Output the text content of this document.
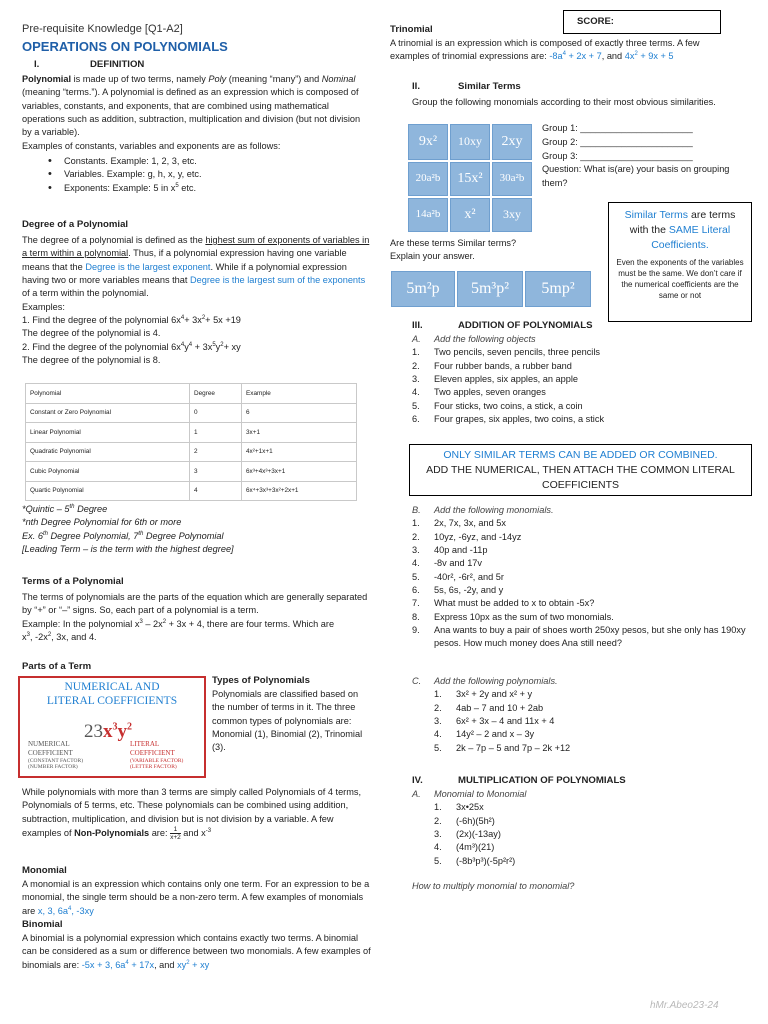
Pre-requisite Knowledge [Q1-A2]
OPERATIONS ON POLYNOMIALS
I.	DEFINITION

Polynomial is made up of two terms, namely Poly (meaning “many”) and Nominal (meaning “terms.”). A polynomial is defined as an expression which is composed of variables, constants, and exponents, that are combined using mathematical operations such as addition, subtraction, multiplication and division (but not division by a variable).

Examples of constants, variables and exponents are as follows:

• Constants. Example: 1, 2, 3, etc.
• Variables. Example: g, h, x, y, etc.
• Exponents: Example: 5 in $x^5$ etc.
Degree of a Polynomial

The degree of a polynomial is defined as the highest sum of exponents of variables in a term within a polynomial. Thus, if a polynomial expression having one variable means that the Degree is the largest exponent. While if a polynomial expression having two or more variables means that Degree is the largest sum of the exponents of a term within the polynomial.

Examples:

1. Find the degree of the polynomial $6x^4+ 3x^2+ 5x +19$

The degree of the polynomial is 4.

2. Find the degree of the polynomial $6x^4y^4 + 3x^5y^2+$ xy

The degree of the polynomial is 8.

Polynomial	Degree	Example
Constant or Zero Polynomial	0	6
Linear Polynomial	1	3x+1
Quadratic Polynomial	2	4x²+1x+1
Cubic Polynomial	3	6x³+4x³+3x+1
Quartic Polynomial	4	6x⁴+3x³+3x²+2x+1

*Quintic – 5th Degree

*nth Degree Polynomial for 6th or more

Ex. 6th Degree Polynomial, 7th Degree Polynomial

[Leading Term – is the term with the highest degree]

Terms of a Polynomial

The terms of polynomials are the parts of the equation which are generally separated by “+” or “–” signs. So, each part of a polynomial is a term.

Example: In the polynomial $x^3 - 2x^2 + 3x + 4$, there are four terms. Which are

$x^3$, $-2x^2$, 3x, and 4.

Parts of a Term
Types of Polynomials

Polynomials are classified based on the number of terms in it. The three common types of polynomials are:

Monomial (1), Binomial (2), Trinomial (3).

While polynomials with more than 3 terms are simply called Polynomials of 4 terms, Polynomials of 5 terms, etc. These polynomials can be combined using addition, subtraction, multiplication, and division but is not division by a variable. A few examples of Non-Polynomials are: $\frac{1}{x+2}$ and $x^{-3}$

Monomial

A monomial is an expression which contains only one term. For an expression to be a monomial, the single term should be a non-zero term. A few examples of monomials are x, 3, $6a^4$, -3xy

Binomial

A binomial is a polynomial expression which contains exactly two terms. A binomial can be considered as a sum or difference between two monomials. A few examples of binomials are: -5x + 3, $6a^4 + 17x$, and $xy^2$ + xy

NUMERICAL AND
LITERAL COEFFICIENTS
$23x^3y^2$
NUMERICAL
COEFFICIENT
(CONSTANT FACTOR)
(NUMBER FACTOR)
LITERAL
COEFFICIENT
(VARIABLE FACTOR)
(LETTER FACTOR)
SCORE:
Trinomial

A trinomial is an expression which is composed of exactly three terms. A few examples of trinomial expressions are: $-8a^4 + 2x + 7$, and $4x^2 + 9x + 5$

II.	Similar Terms

Group the following monomials according to their most obvious similarities.

Group 1: ______________________

Group 2: ______________________

Group 3: ______________________

Question: What is(are) your basis on grouping them?

Are these terms Similar terms?

Explain your answer.

III.	ADDITION OF POLYNOMIALS
A.	Add the following objects
1.	Two pencils, seven pencils, three pencils
2.	Four rubber bands, a rubber band
3.	Eleven apples, six apples, an apple
4.	Two apples, seven oranges
5.	Four sticks, two coins, a stick, a coin
6.	Four grapes, six apples, two coins, a stick
B.	Add the following monomials.
1.	2x, 7x, 3x, and 5x
2.	10yz, -6yz, and -14yz
3.	40p and -11p
4.	-8v and 17v
5.	-40r², -6r², and 5r
6.	5s, 6s, -2y, and y
7.	What must be added to x to obtain -5x?
8.	Express 10px as the sum of two monomials.
9.	Ana wants to buy a pair of shoes worth 250xy pesos, but she only has 190xy pesos. How much money does Ana still need?
C.	Add the following polynomials.
1.	3x² + 2y and x² + y
2.	4ab – 7 and 10 + 2ab
3.	6x² + 3x – 4 and 11x + 4
4.	14y² – 2 and x – 3y
5.	2k – 7p – 5 and 7p – 2k +12
IV.	MULTIPLICATION OF POLYNOMIALS
A.	Monomial to Monomial
1.	3x•25x
2.	(-6h)(5h²)
3.	(2x)(-13ay)
4.	(4m³)(21)
5.	(-8b³p³)(-5p²r²)

How to multiply monomial to monomial?

9x²	10xy	2xy
20a²b	15x²	30a²b
14a²b	x²	3xy
5m²p	5m³p²	5mp²
Similar Terms are terms with the SAME Literal Coefficients.
Even the exponents of the variables must be the same. We don’t care if the numerical coefficients are the same or not
ONLY SIMILAR TERMS CAN BE ADDED OR COMBINED.
ADD THE NUMERICAL, THEN ATTACH THE COMMON LITERAL COEFFICIENTS
hMr.Abeo23-24
